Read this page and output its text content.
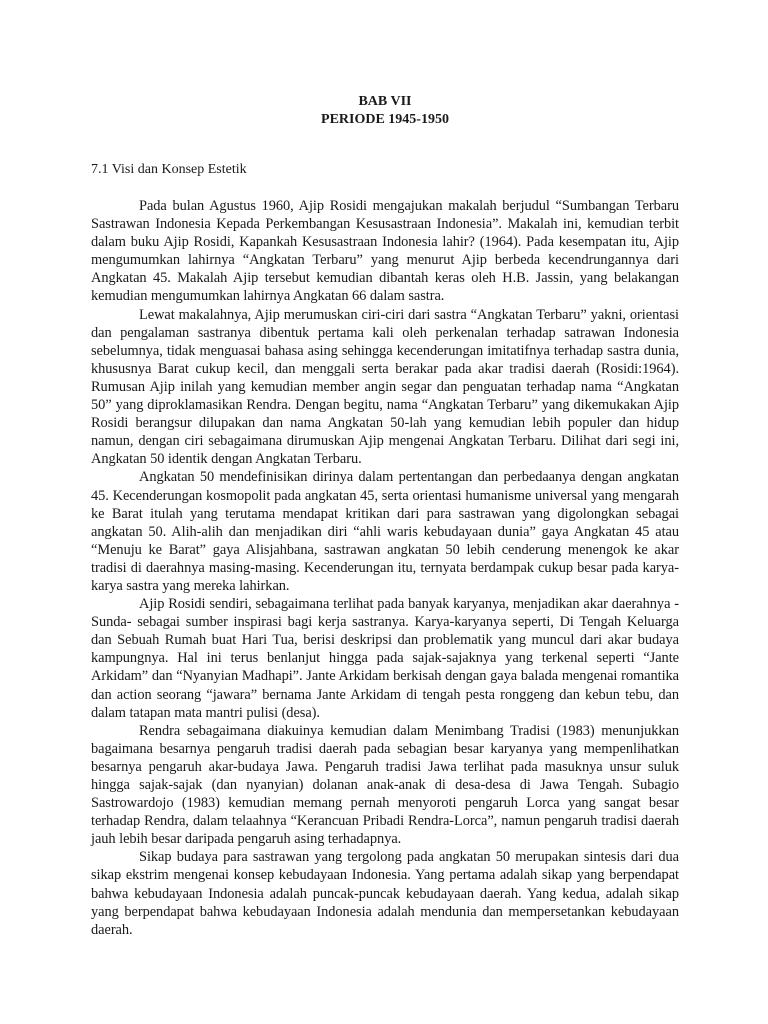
BAB VII
PERIODE 1945-1950
7.1 Visi dan Konsep Estetik

Pada bulan Agustus 1960, Ajip Rosidi mengajukan makalah berjudul “Sumbangan Terbaru Sastrawan Indonesia Kepada Perkembangan Kesusastraan Indonesia”. Makalah ini, kemudian terbit dalam buku Ajip Rosidi, Kapankah Kesusastraan Indonesia lahir? (1964). Pada kesempatan itu, Ajip mengumumkan lahirnya “Angkatan Terbaru” yang menurut Ajip berbeda kecendrungannya dari Angkatan 45. Makalah Ajip tersebut kemudian dibantah keras oleh H.B. Jassin, yang belakangan kemudian mengumumkan lahirnya Angkatan 66 dalam sastra.

Lewat makalahnya, Ajip merumuskan ciri-ciri dari sastra “Angkatan Terbaru” yakni, orientasi dan pengalaman sastranya dibentuk pertama kali oleh perkenalan terhadap satrawan Indonesia sebelumnya, tidak menguasai bahasa asing sehingga kecenderungan imitatifnya terhadap sastra dunia, khususnya Barat cukup kecil, dan menggali serta berakar pada akar tradisi daerah (Rosidi:1964). Rumusan Ajip inilah yang kemudian member angin segar dan penguatan terhadap nama “Angkatan 50” yang diproklamasikan Rendra. Dengan begitu, nama “Angkatan Terbaru” yang dikemukakan Ajip Rosidi berangsur dilupakan dan nama Angkatan 50-lah yang kemudian lebih populer dan hidup namun, dengan ciri sebagaimana dirumuskan Ajip mengenai Angkatan Terbaru. Dilihat dari segi ini, Angkatan 50 identik dengan Angkatan Terbaru.

Angkatan 50 mendefinisikan dirinya dalam pertentangan dan perbedaanya dengan angkatan 45. Kecenderungan kosmopolit pada angkatan 45, serta orientasi humanisme universal yang mengarah ke Barat itulah yang terutama mendapat kritikan dari para sastrawan yang digolongkan sebagai angkatan 50. Alih-alih dan menjadikan diri “ahli waris kebudayaan dunia” gaya Angkatan 45 atau “Menuju ke Barat” gaya Alisjahbana, sastrawan angkatan 50 lebih cenderung menengok ke akar tradisi di daerahnya masing-masing. Kecenderungan itu, ternyata berdampak cukup besar pada karya-karya sastra yang mereka lahirkan.

Ajip Rosidi sendiri, sebagaimana terlihat pada banyak karyanya, menjadikan akar daerahnya -Sunda- sebagai sumber inspirasi bagi kerja sastranya. Karya-karyanya seperti, Di Tengah Keluarga dan Sebuah Rumah buat Hari Tua, berisi deskripsi dan problematik yang muncul dari akar budaya kampungnya. Hal ini terus benlanjut hingga pada sajak-sajaknya yang terkenal seperti “Jante Arkidam” dan “Nyanyian Madhapi”. Jante Arkidam berkisah dengan gaya balada mengenai romantika dan action seorang “jawara” bernama Jante Arkidam di tengah pesta ronggeng dan kebun tebu, dan dalam tatapan mata mantri pulisi (desa).

Rendra sebagaimana diakuinya kemudian dalam Menimbang Tradisi (1983) menunjukkan bagaimana besarnya pengaruh tradisi daerah pada sebagian besar karyanya yang mempenlihatkan besarnya pengaruh akar-budaya Jawa. Pengaruh tradisi Jawa terlihat pada masuknya unsur suluk hingga sajak-sajak (dan nyanyian) dolanan anak-anak di desa-desa di Jawa Tengah. Subagio Sastrowardojo (1983) kemudian memang pernah menyoroti pengaruh Lorca yang sangat besar terhadap Rendra, dalam telaahnya “Kerancuan Pribadi Rendra-Lorca”, namun pengaruh tradisi daerah jauh lebih besar daripada pengaruh asing terhadapnya.

Sikap budaya para sastrawan yang tergolong pada angkatan 50 merupakan sintesis dari dua sikap ekstrim mengenai konsep kebudayaan Indonesia. Yang pertama adalah sikap yang berpendapat bahwa kebudayaan Indonesia adalah puncak-puncak kebudayaan daerah. Yang kedua, adalah sikap yang berpendapat bahwa kebudayaan Indonesia adalah mendunia dan mempersetankan kebudayaan daerah.
